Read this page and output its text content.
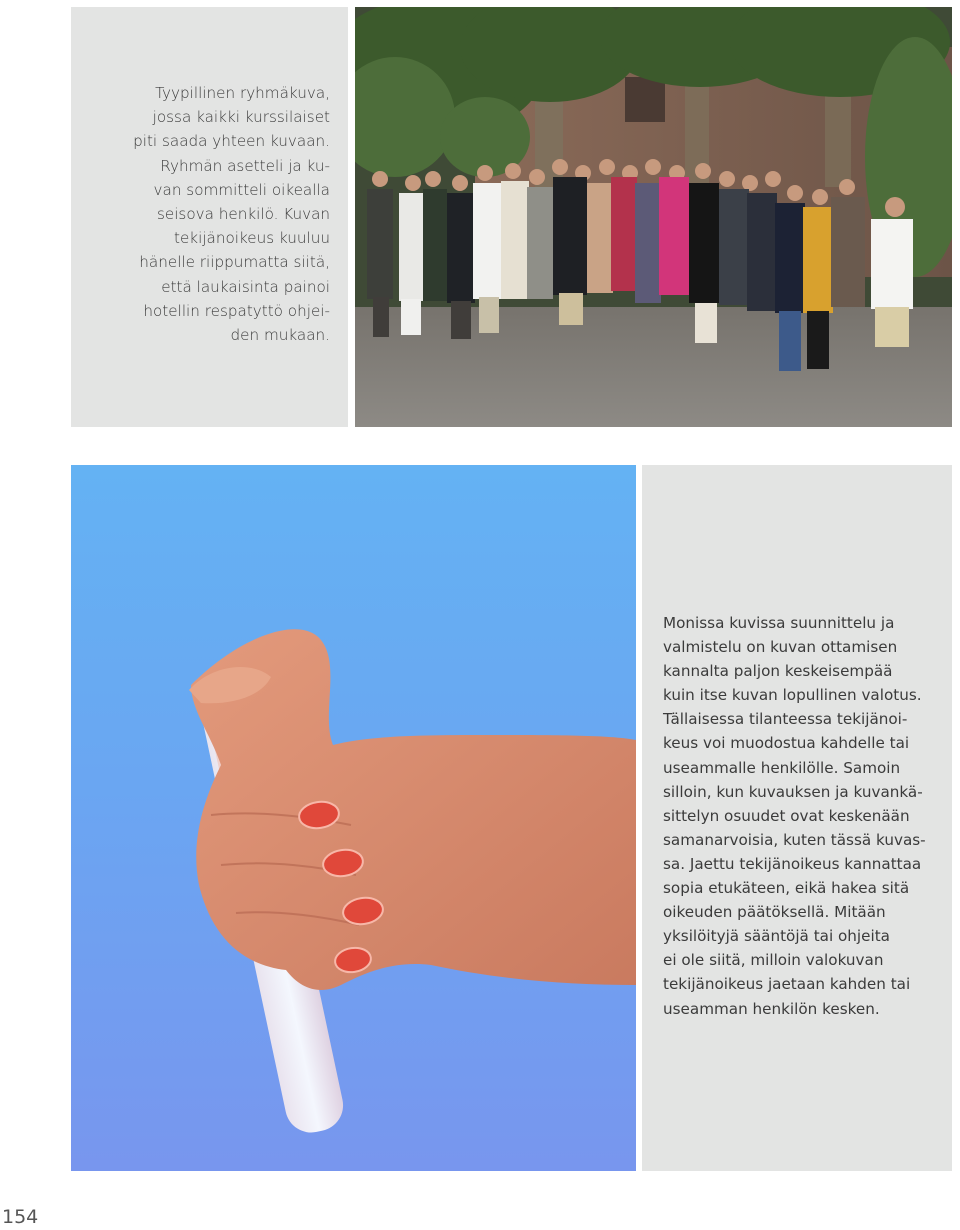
Tyypillinen ryhmäkuva,
jossa kaikki kurssilaiset
piti saada yhteen kuvaan.
Ryhmän asetteli ja ku-
van sommitteli oikealla
seisova henkilö. Kuvan
tekijänoikeus kuuluu
hänelle riippumatta siitä,
että laukaisinta painoi
hotellin respatyttö ohjei-
den mukaan.
Monissa kuvissa suunnittelu ja
valmistelu on kuvan ottamisen
kannalta paljon keskeisempää
kuin itse kuvan lopullinen valotus.
Tällaisessa tilanteessa tekijänoi-
keus voi muodostua kahdelle tai
useammalle henkilölle. Samoin
silloin, kun kuvauksen ja kuvankä-
sittelyn osuudet ovat keskenään
samanarvoisia, kuten tässä kuvas-
sa. Jaettu tekijänoikeus kannattaa
sopia etukäteen, eikä hakea sitä
oikeuden päätöksellä. Mitään
yksilöityjä sääntöjä tai ohjeita
ei ole siitä, milloin valokuvan
tekijänoikeus jaetaan kahden tai
useamman henkilön kesken.
154
